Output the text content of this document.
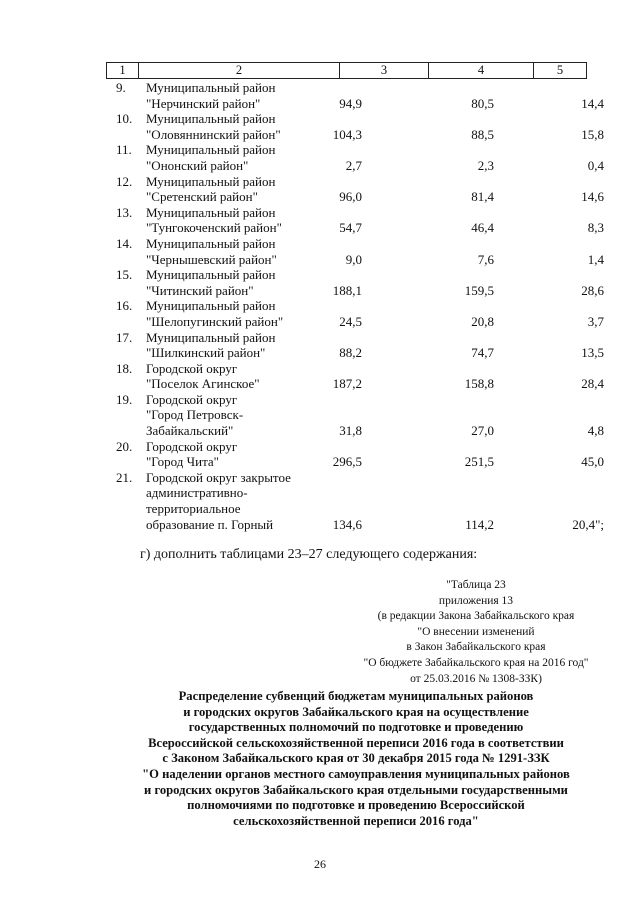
1	2	3	4	5
9.	Муниципальный район
"Нерчинский район"	94,9	80,5	14,4
10.	Муниципальный район
"Оловяннинский район"	104,3	88,5	15,8
11.	Муниципальный район
"Ононский район"	2,7	2,3	0,4
12.	Муниципальный район
"Сретенский район"	96,0	81,4	14,6
13.	Муниципальный район
"Тунгокоченский район"	54,7	46,4	8,3
14.	Муниципальный район
"Чернышевский район"	9,0	7,6	1,4
15.	Муниципальный район
"Читинский район"	188,1	159,5	28,6
16.	Муниципальный район
"Шелопугинский район"	24,5	20,8	3,7
17.	Муниципальный район
"Шилкинский район"	88,2	74,7	13,5
18.	Городской округ
"Поселок Агинское"	187,2	158,8	28,4
19.	Городской округ
"Город Петровск-
Забайкальский"	31,8	27,0	4,8
20.	Городской округ
"Город Чита"	296,5	251,5	45,0
21.	Городской округ закрытое
административно-
территориальное
образование п. Горный	134,6	114,2	20,4";
г) дополнить таблицами 23–27 следующего содержания:
"Таблица 23
приложения 13
(в редакции Закона Забайкальского края
"О внесении изменений
в Закон Забайкальского края
"О бюджете Забайкальского края на 2016 год"
от 25.03.2016 № 1308-ЗЗК)
Распределение субвенций бюджетам муниципальных районов
и городских округов Забайкальского края на осуществление
государственных полномочий по подготовке и проведению
Всероссийской сельскохозяйственной переписи 2016 года в соответствии
с Законом Забайкальского края от 30 декабря 2015 года № 1291-ЗЗК
"О наделении органов местного самоуправления муниципальных районов
и городских округов Забайкальского края отдельными государственными
полномочиями по подготовке и проведению Всероссийской
сельскохозяйственной переписи 2016 года"
26
